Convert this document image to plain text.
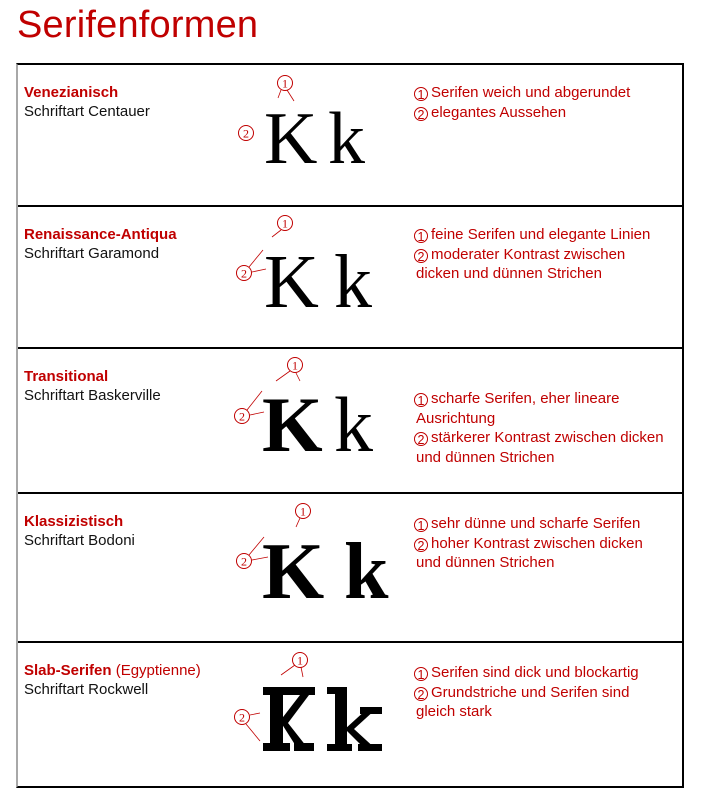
Serifenformen
Venezianisch
Schriftart Centauer K k
1
2
1 Serifen weich und abgerundet
2 elegantes Aussehen
Renaissance-Antiqua
Schriftart Garamond K k
1
2
1 feine Serifen und elegante Linien
2 moderater Kontrast zwischen
dicken und dünnen Strichen
Transitional
Schriftart Baskerville K k
1
2
1 scharfe Serifen, eher lineare
Ausrichtung
2 stärkerer Kontrast zwischen dicken
und dünnen Strichen
Klassizistisch
Schriftart Bodoni K k
1
2
1 sehr dünne und scharfe Serifen
2 hoher Kontrast zwischen dicken
und dünnen Strichen
Slab-Serifen (Egyptienne)
Schriftart Rockwell
1
2
1 Serifen sind dick und blockartig
2 Grundstriche und Serifen sind
gleich stark
